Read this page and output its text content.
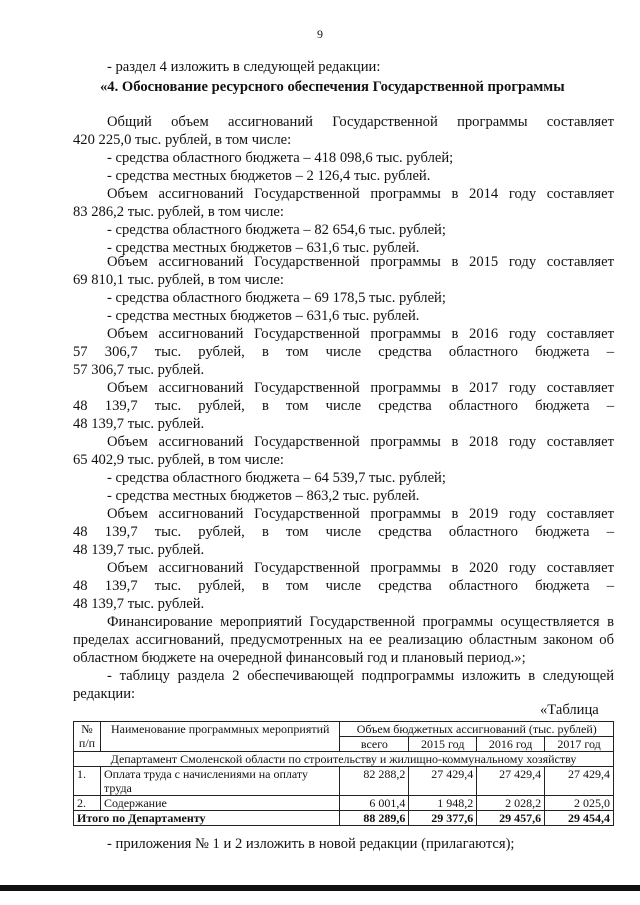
9
- раздел 4 изложить в следующей редакции:
«4. Обоснование ресурсного обеспечения Государственной программы
Общий объем ассигнований Государственной программы составляет
420 225,0 тыс. рублей, в том числе:
- средства областного бюджета – 418 098,6 тыс. рублей;
- средства местных бюджетов – 2 126,4 тыс. рублей.
Объем ассигнований Государственной программы в 2014 году составляет
83 286,2 тыс. рублей, в том числе:
- средства областного бюджета – 82 654,6 тыс. рублей;
- средства местных бюджетов – 631,6 тыс. рублей.
Объем ассигнований Государственной программы в 2015 году составляет
69 810,1 тыс. рублей, в том числе:
- средства областного бюджета – 69 178,5 тыс. рублей;
- средства местных бюджетов – 631,6 тыс. рублей.
Объем ассигнований Государственной программы в 2016 году составляет
57 306,7 тыс. рублей, в том числе средства областного бюджета –
57 306,7 тыс. рублей.
Объем ассигнований Государственной программы в 2017 году составляет
48 139,7 тыс. рублей, в том числе средства областного бюджета –
48 139,7 тыс. рублей.
Объем ассигнований Государственной программы в 2018 году составляет
65 402,9 тыс. рублей, в том числе:
- средства областного бюджета – 64 539,7 тыс. рублей;
- средства местных бюджетов – 863,2 тыс. рублей.
Объем ассигнований Государственной программы в 2019 году составляет
48 139,7 тыс. рублей, в том числе средства областного бюджета –
48 139,7 тыс. рублей.
Объем ассигнований Государственной программы в 2020 году составляет
48 139,7 тыс. рублей, в том числе средства областного бюджета –
48 139,7 тыс. рублей.
Финансирование мероприятий Государственной программы осуществляется в
пределах ассигнований, предусмотренных на ее реализацию областным законом об
областном бюджете на очередной финансовый год и плановый период.»;
- таблицу раздела 2 обеспечивающей подпрограммы изложить в следующей
редакции:
«Таблица
№ п/п	Наименование программных мероприятий	Объем бюджетных ассигнований (тыс. рублей)			
		всего	2015 год	2016 год	2017 год
Департамент Смоленской области по строительству и жилищно-коммунальному хозяйству					
1.	Оплата труда с начислениями на оплату труда	82 288,2	27 429,4	27 429,4	27 429,4
2.	Содержание	6 001,4	1 948,2	2 028,2	2 025,0
Итого по Департаменту		88 289,6	29 377,6	29 457,6	29 454,4
- приложения № 1 и 2 изложить в новой редакции (прилагаются);
